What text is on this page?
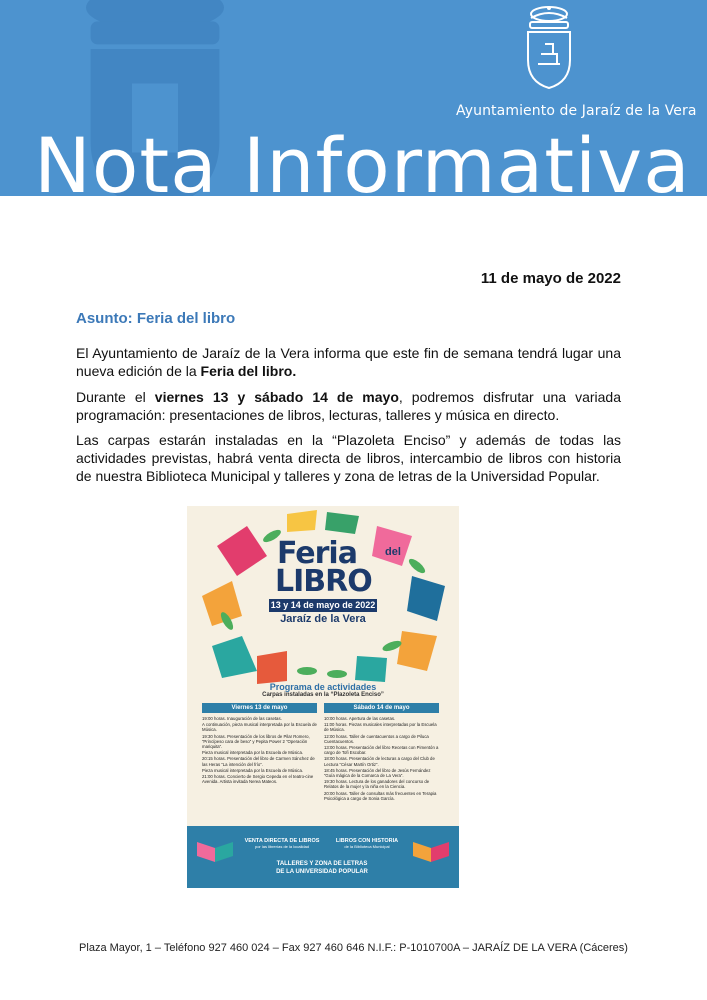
Ayuntamiento de Jaraíz de la Vera
Nota Informativa
11 de mayo de 2022
Asunto: Feria del libro

El Ayuntamiento de Jaraíz de la Vera informa que este fin de semana tendrá lugar una nueva edición de la Feria del libro.

Durante el viernes 13 y sábado 14 de mayo, podremos disfrutar una variada programación: presentaciones de libros, lecturas, talleres y música en directo.

Las carpas estarán instaladas en la “Plazoleta Enciso” y además de todas las actividades previstas, habrá venta directa de libros, intercambio de libros con historia de nuestra Biblioteca Municipal y talleres y zona de letras de la Universidad Popular.

Feria	del
LIBRO
13 y 14 de mayo de 2022
Jaraíz de la Vera
Programa de actividades
Carpas instaladas en la “Plazoleta Enciso”
Viernes 13 de mayo
19:00 horas. Inauguración de las casetas.
A continuación, pieza musical interpretada por la Escuela de Música.
19:30 horas. Presentación de los libros de Pilar Romero, “Princípeso cara de beso” y Pepita Power 2 “Operación mariquita”.
Pieza musical interpretada por la Escuela de Música.
20:15 horas. Presentación del libro de Carmen Sánchez de las Heras “La intención del frío”.
Pieza musical interpretada por la Escuela de Música.
21:00 horas. Concierto de Sergio Cepeda en el teatro-cine Avenida. Artista invitada Nerea Mateos.
Sábado 14 de mayo
10:00 horas. Apertura de las casetas.
11:00 horas. Piezas musicales interpretadas por la Escuela de Música.
12:00 horas. Taller de cuentacuentos a cargo de Piluca Cuentacuentos.
13:00 horas. Presentación del libro Recetas con Pimentón a cargo de Tofi Escobar.
18:00 horas. Presentación de lecturas a cargo del Club de Lectura “César Martín Ortiz”.
18:45 horas. Presentación del libro de Jesús Fernández “Guía mágica de la Comarca de La Vera”.
19:30 horas. Lectura de los ganadores del concurso de Relatos de la mujer y la niña en la Ciencia.
20:00 horas. Taller de consultas más frecuentes en Terapia Psicológica a cargo de Sonia García.
VENTA DIRECTA DE LIBROS
por las librerías de la localidad
LIBROS CON HISTORIA
de la Biblioteca Municipal
TALLERES Y ZONA DE LETRAS
DE LA UNIVERSIDAD POPULAR
Plaza Mayor, 1 – Teléfono 927 460 024 – Fax 927 460 646 N.I.F.: P-1010700A – JARAÍZ DE LA VERA (Cáceres)
